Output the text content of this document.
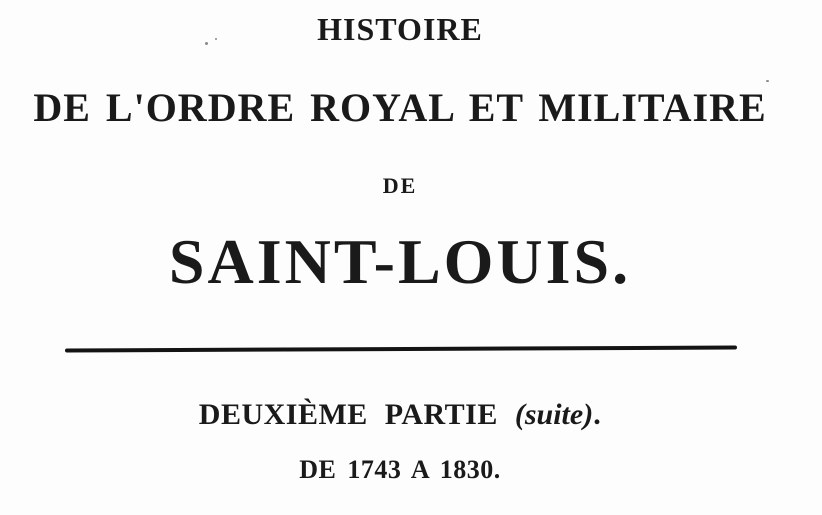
HISTOIRE
DE L'ORDRE ROYAL ET MILITAIRE
DE
SAINT-LOUIS.
DEUXIÈME PARTIE (suite).
DE 1743 A 1830.
